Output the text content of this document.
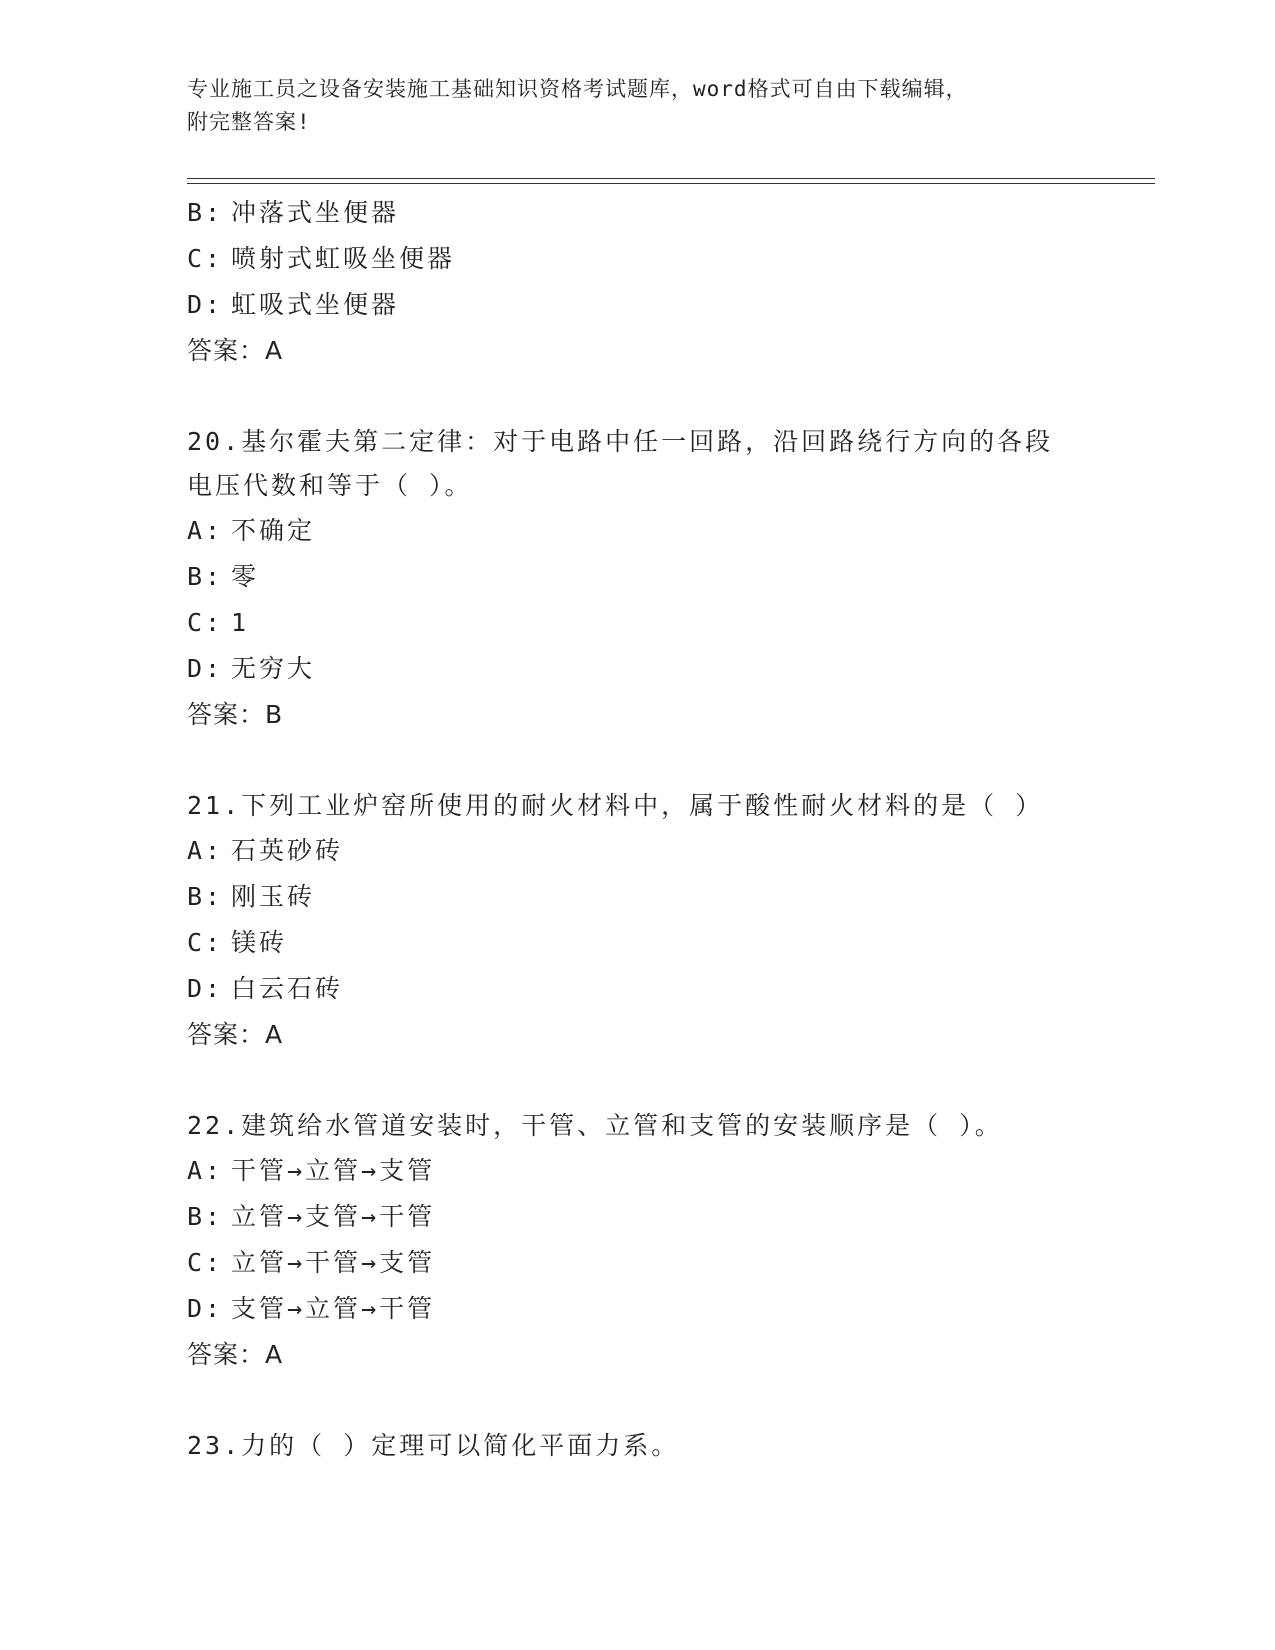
专业施工员之设备安装施工基础知识资格考试题库，word格式可自由下载编辑，
附完整答案!
B: 冲落式坐便器
C: 喷射式虹吸坐便器
D: 虹吸式坐便器
答案：A
20.基尔霍夫第二定律：对于电路中任一回路，沿回路绕行方向的各段
电压代数和等于（ ）。
A: 不确定
B: 零
C: 1
D: 无穷大
答案：B
21.下列工业炉窑所使用的耐火材料中，属于酸性耐火材料的是（ ）
A: 石英砂砖
B: 刚玉砖
C: 镁砖
D: 白云石砖
答案：A
22.建筑给水管道安装时，干管、立管和支管的安装顺序是（ ）。
A: 干管→立管→支管
B: 立管→支管→干管
C: 立管→干管→支管
D: 支管→立管→干管
答案：A
23.力的（ ）定理可以简化平面力系。
